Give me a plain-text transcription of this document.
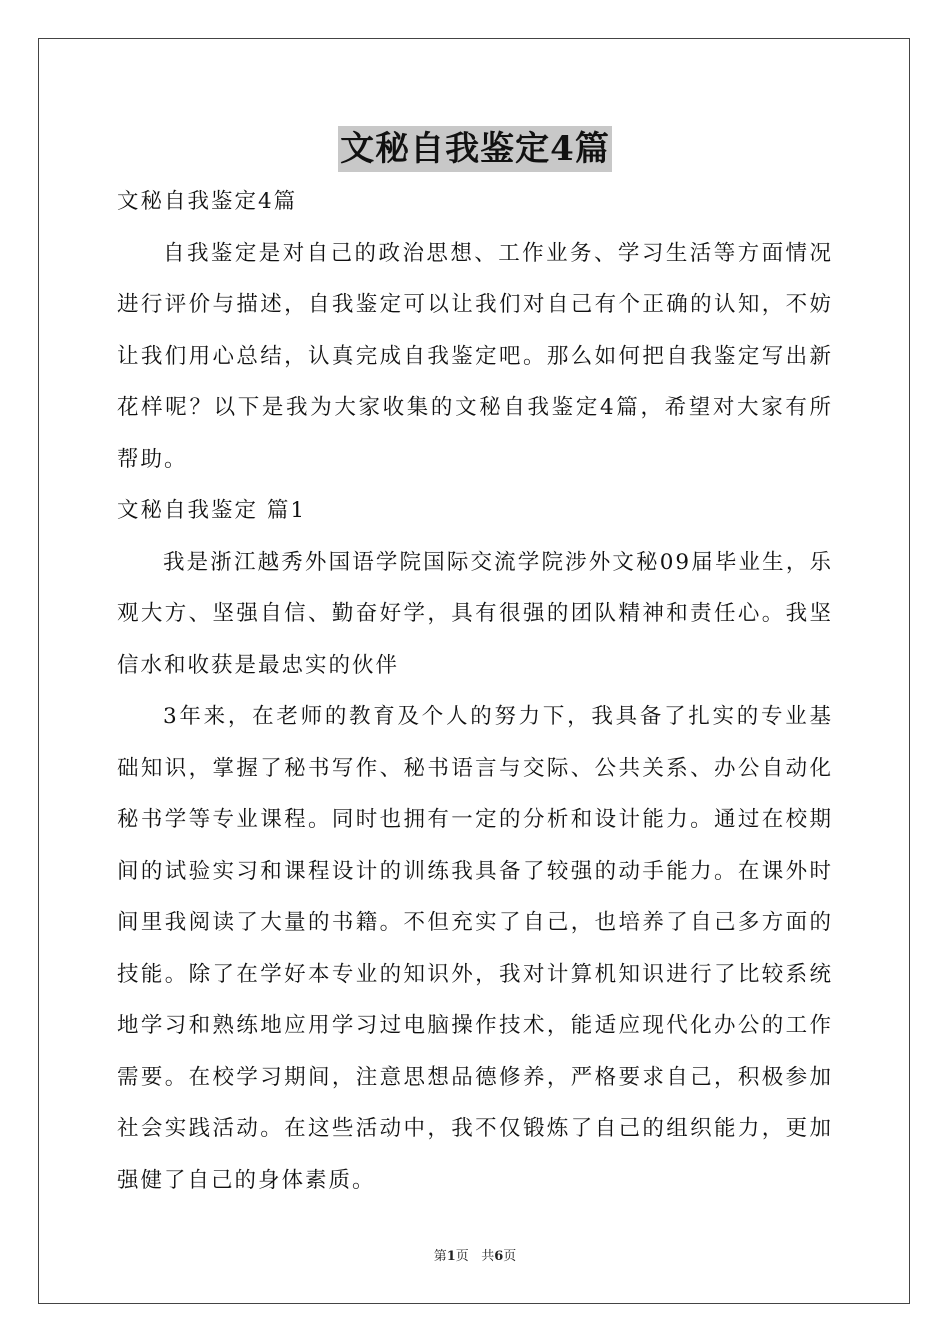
文秘自我鉴定4篇

文秘自我鉴定4篇

自我鉴定是对自己的政治思想、工作业务、学习生活等方面情况进行评价与描述，自我鉴定可以让我们对自己有个正确的认知，不妨让我们用心总结，认真完成自我鉴定吧。那么如何把自我鉴定写出新花样呢？以下是我为大家收集的文秘自我鉴定4篇，希望对大家有所帮助。

文秘自我鉴定 篇1

我是浙江越秀外国语学院国际交流学院涉外文秘09届毕业生，乐观大方、坚强自信、勤奋好学，具有很强的团队精神和责任心。我坚信水和收获是最忠实的伙伴

3年来，在老师的教育及个人的努力下，我具备了扎实的专业基础知识，掌握了秘书写作、秘书语言与交际、公共关系、办公自动化秘书学等专业课程。同时也拥有一定的分析和设计能力。通过在校期间的试验实习和课程设计的训练我具备了较强的动手能力。在课外时间里我阅读了大量的书籍。不但充实了自己，也培养了自己多方面的技能。除了在学好本专业的知识外，我对计算机知识进行了比较系统地学习和熟练地应用学习过电脑操作技术，能适应现代化办公的工作需要。在校学习期间，注意思想品德修养，严格要求自己，积极参加社会实践活动。在这些活动中，我不仅锻炼了自己的组织能力，更加强健了自己的身体素质。

第1页 共6页
